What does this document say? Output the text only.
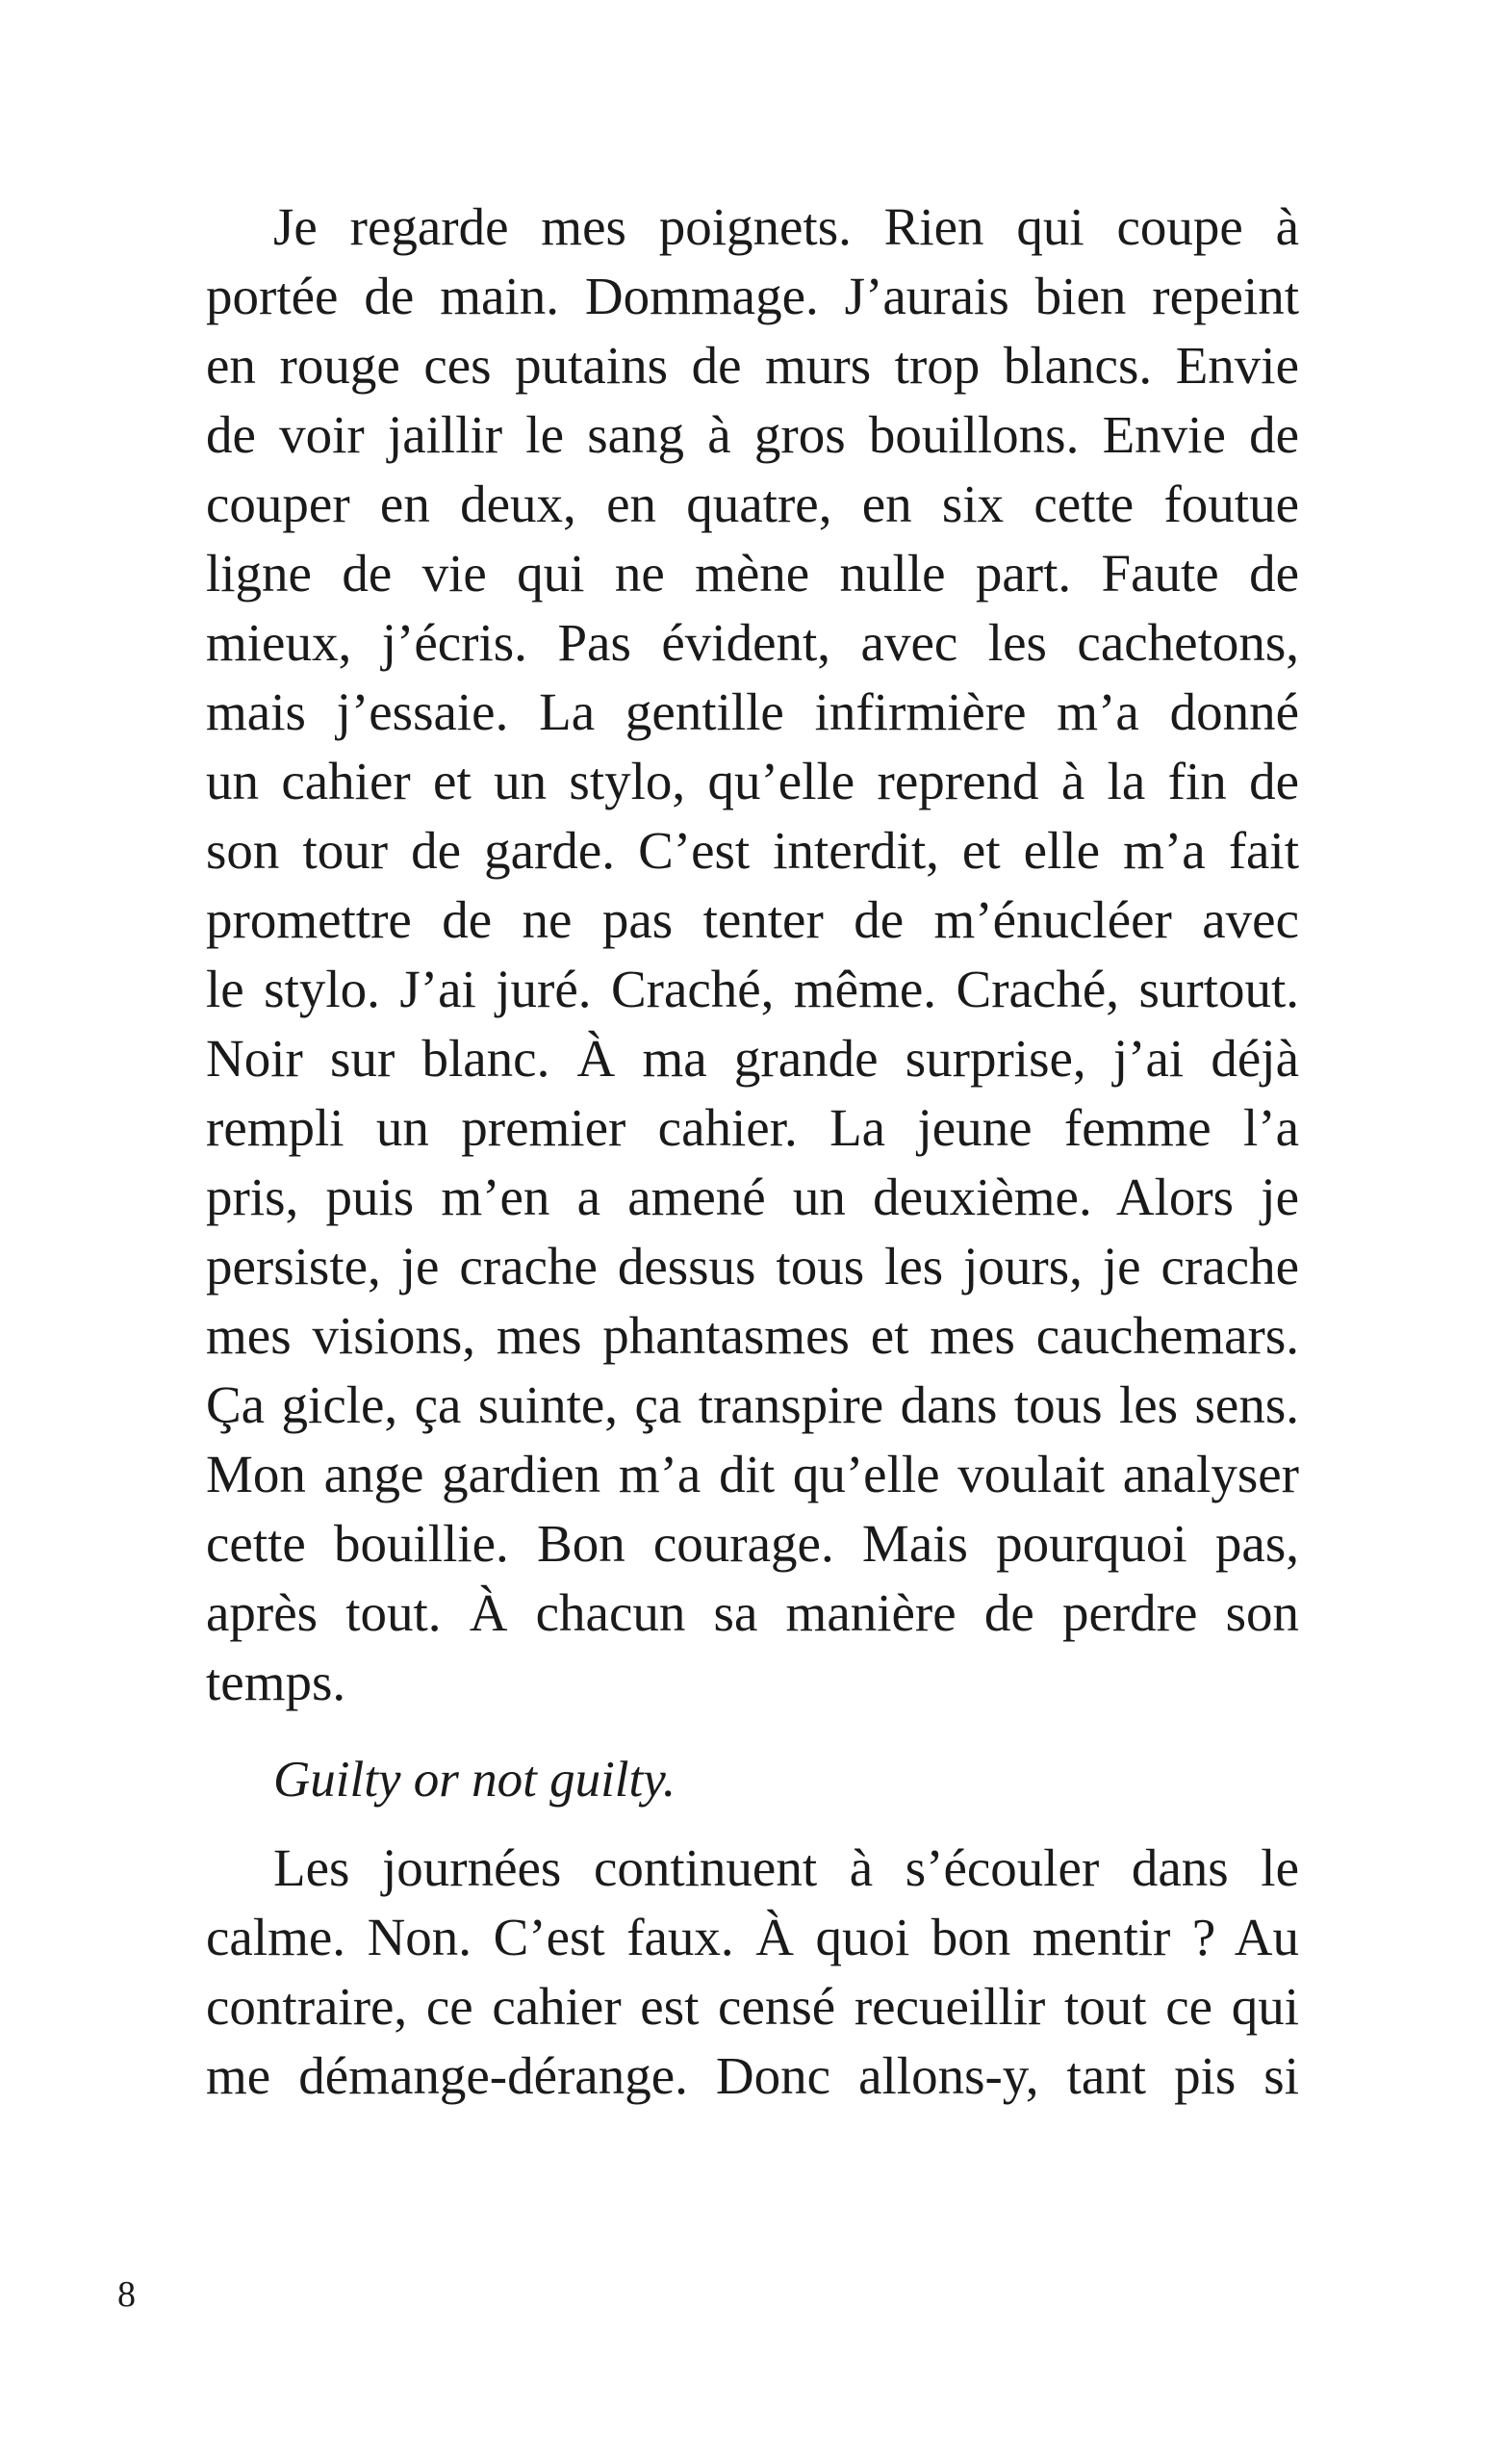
Je regarde mes poignets. Rien qui coupe à
portée de main. Dommage. J’aurais bien repeint
en rouge ces putains de murs trop blancs. Envie
de voir jaillir le sang à gros bouillons. Envie de
couper en deux, en quatre, en six cette foutue
ligne de vie qui ne mène nulle part. Faute de
mieux, j’écris. Pas évident, avec les cachetons,
mais j’essaie. La gentille infirmière m’a donné
un cahier et un stylo, qu’elle reprend à la fin de
son tour de garde. C’est interdit, et elle m’a fait
promettre de ne pas tenter de m’énucléer avec
le stylo. J’ai juré. Craché, même. Craché, surtout.
Noir sur blanc. À ma grande surprise, j’ai déjà
rempli un premier cahier. La jeune femme l’a
pris, puis m’en a amené un deuxième. Alors je
persiste, je crache dessus tous les jours, je crache
mes visions, mes phantasmes et mes cauchemars.
Ça gicle, ça suinte, ça transpire dans tous les sens.
Mon ange gardien m’a dit qu’elle voulait analyser
cette bouillie. Bon courage. Mais pourquoi pas,
après tout. À chacun sa manière de perdre son
temps.
Guilty or not guilty.
Les journées continuent à s’écouler dans le
calme. Non. C’est faux. À quoi bon mentir ? Au
contraire, ce cahier est censé recueillir tout ce qui
me démange-dérange. Donc allons-y, tant pis si
8
